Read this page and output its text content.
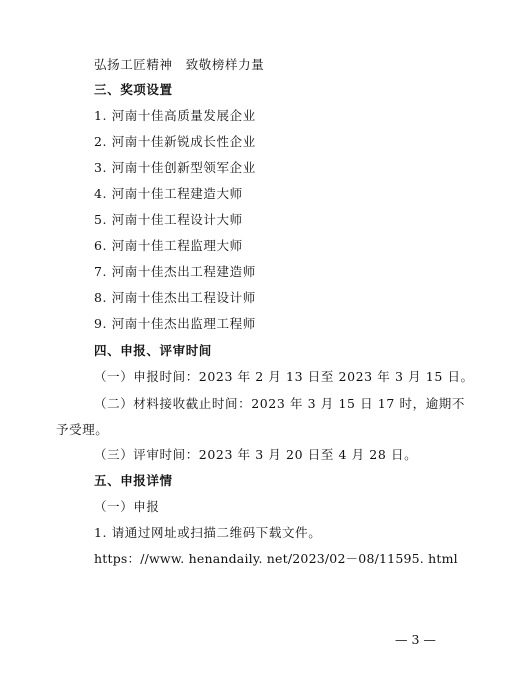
弘扬工匠精神　致敬榜样力量
三、奖项设置
1. 河南十佳高质量发展企业
2. 河南十佳新锐成长性企业
3. 河南十佳创新型领军企业
4. 河南十佳工程建造大师
5. 河南十佳工程设计大师
6. 河南十佳工程监理大师
7. 河南十佳杰出工程建造师
8. 河南十佳杰出工程设计师
9. 河南十佳杰出监理工程师
四、申报、评审时间
（一）申报时间：2023 年 2 月 13 日至 2023 年 3 月 15 日。
（二）材料接收截止时间：2023 年 3 月 15 日 17 时，逾期不
予受理。
（三）评审时间：2023 年 3 月 20 日至 4 月 28 日。
五、申报详情
（一）申报
1. 请通过网址或扫描二维码下载文件。
https：//www. henandaily. net/2023/02－08/11595. html
— 3 —
